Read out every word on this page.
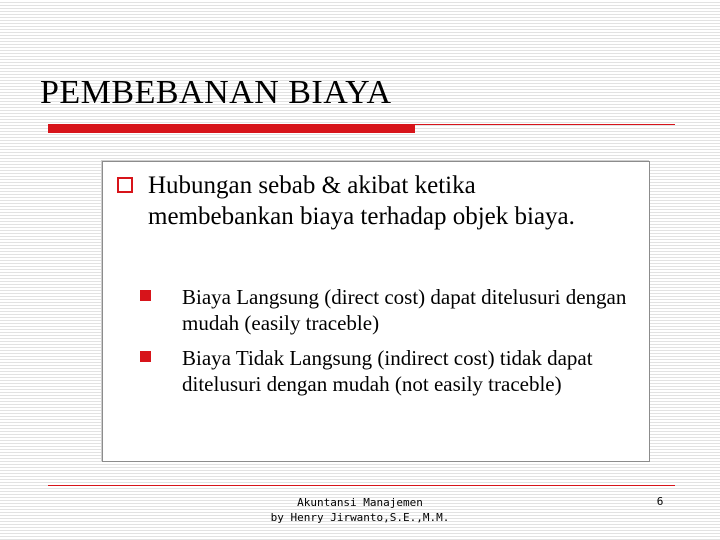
PEMBEBANAN BIAYA
Hubungan sebab & akibat ketika membebankan biaya terhadap objek biaya.
Biaya Langsung (direct cost) dapat ditelusuri dengan mudah (easily traceble)
Biaya Tidak Langsung (indirect cost) tidak dapat ditelusuri dengan mudah (not easily traceble)
Akuntansi Manajemen
by Henry Jirwanto,S.E.,M.M.
6
